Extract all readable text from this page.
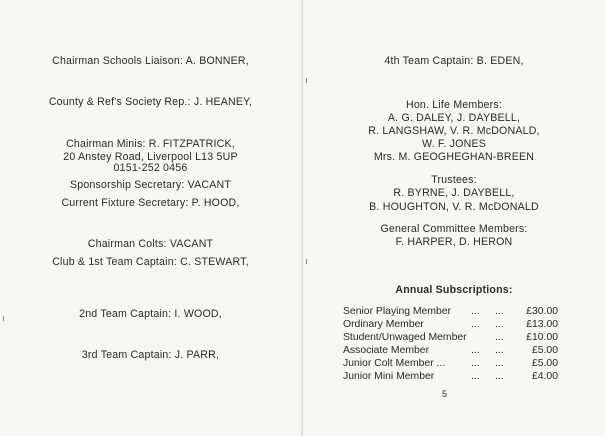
Chairman Schools Liaison: A. BONNER,
County & Ref's Society Rep.: J. HEANEY,
Chairman Minis: R. FITZPATRICK,
20 Anstey Road, Liverpool L13 5UP
0151-252 0456
Sponsorship Secretary: VACANT
Current Fixture Secretary: P. HOOD,
Chairman Colts: VACANT
Club & 1st Team Captain: C. STEWART,
2nd Team Captain: I. WOOD,
3rd Team Captain: J. PARR,
4th Team Captain: B. EDEN,
Hon. Life Members:
A. G. DALEY, J. DAYBELL,
R. LANGSHAW, V. R. McDONALD,
W. F. JONES
Mrs. M. GEOGHEGHAN-BREEN
Trustees:
R. BYRNE, J. DAYBELL,
B. HOUGHTON, V. R. McDONALD
General Committee Members:
F. HARPER, D. HERON
Annual Subscriptions:
Senior Playing Member ... ... £30.00
Ordinary Member	... ... £13.00
Student/Unwaged Member	... £10.00
Associate Member	... ...	£5.00
Junior Colt Member ... ... ...	£5.00
Junior Mini Member	... ...	£4.00
5
